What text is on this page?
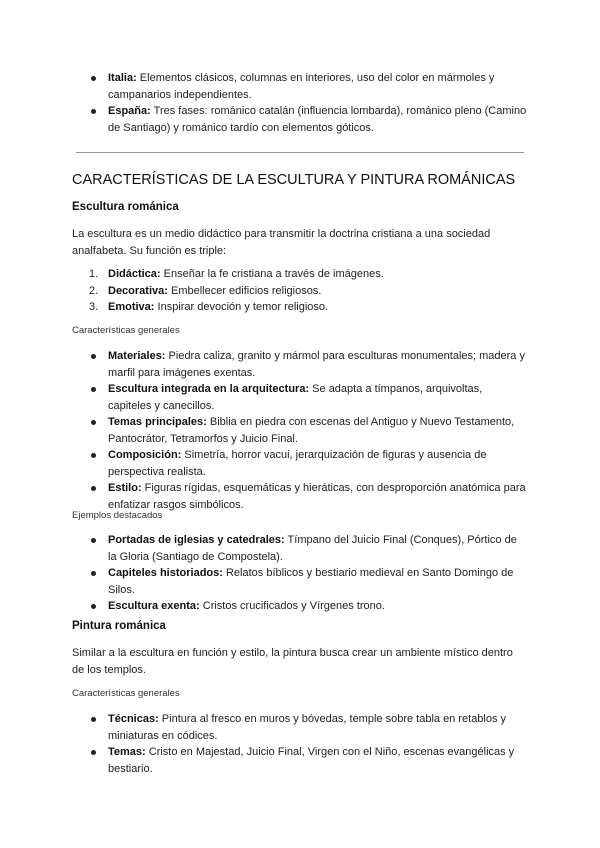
Italia: Elementos clásicos, columnas en interiores, uso del color en mármoles y campanarios independientes.
España: Tres fases: románico catalán (influencia lombarda), románico pleno (Camino de Santiago) y románico tardío con elementos góticos.
CARACTERÍSTICAS DE LA ESCULTURA Y PINTURA ROMÁNICAS
Escultura románica

La escultura es un medio didáctico para transmitir la doctrina cristiana a una sociedad analfabeta. Su función es triple:

1. Didáctica: Enseñar la fe cristiana a través de imágenes.
2. Decorativa: Embellecer edificios religiosos.
3. Emotiva: Inspirar devoción y temor religioso.
Características generales
Materiales: Piedra caliza, granito y mármol para esculturas monumentales; madera y marfil para imágenes exentas.
Escultura integrada en la arquitectura: Se adapta a tímpanos, arquivoltas, capiteles y canecillos.
Temas principales: Biblia en piedra con escenas del Antiguo y Nuevo Testamento, Pantocrátor, Tetramorfos y Juicio Final.
Composición: Simetría, horror vacui, jerarquización de figuras y ausencia de perspectiva realista.
Estilo: Figuras rígidas, esquemáticas y hieráticas, con desproporción anatómica para enfatizar rasgos simbólicos.
Ejemplos destacados
Portadas de iglesias y catedrales: Tímpano del Juicio Final (Conques), Pórtico de la Gloria (Santiago de Compostela).
Capiteles historiados: Relatos bíblicos y bestiario medieval en Santo Domingo de Silos.
Escultura exenta: Cristos crucificados y Vírgenes trono.
Pintura románica

Similar a la escultura en función y estilo, la pintura busca crear un ambiente místico dentro de los templos.

Características generales
Técnicas: Pintura al fresco en muros y bóvedas, temple sobre tabla en retablos y miniaturas en códices.
Temas: Cristo en Majestad, Juicio Final, Virgen con el Niño, escenas evangélicas y bestiario.
